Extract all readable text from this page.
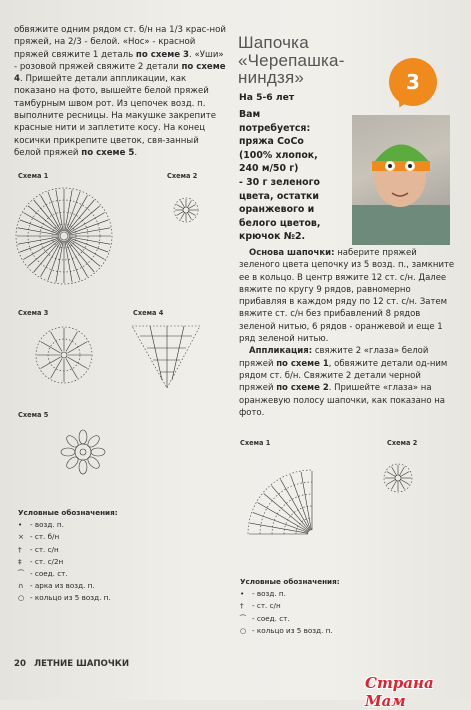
обвяжите одним рядом ст. б/н на 1/3 крас-ной пряжей, на 2/3 - белой. «Нос» - красной пряжей свяжите 1 деталь по схеме 3. «Уши» - розовой пряжей свяжите 2 детали по схеме 4. Пришейте детали аппликации, как показано на фото, вышейте белой пряжей тамбурным швом рот. Из цепочек возд. п. выполните ресницы. На макушке закрепите красные нити и заплетите косу. На конец косички прикрепите цветок, свя-занный белой пряжей по схеме 5.

Схема 1	Схема 2
Схема 3	Схема 4
Схема 5
Условные обозначения:
• - возд. п.
× - ст. б/н
† - ст. с/н
‡ - ст. с/2н
⁀ - соед. ст.
∩ - арка из возд. п.
○ - кольцо из 5 возд. п.
Шапочка
«Черепашка-
ниндзя»
На 5-6 лет
3
Вам
потребуется:
пряжа CoCo
(100% хлопок,
240 м/50 г)
- 30 г зеленого
цвета, остатки
оранжевого и
белого цветов,
крючок №2.

Основа шапочки: наберите пряжей зеленого цвета цепочку из 5 возд. п., замкните ее в кольцо. В центр вяжите 12 ст. с/н. Далее вяжите по кругу 9 рядов, равномерно прибавляя в каждом ряду по 12 ст. с/н. Затем вяжите ст. с/н без прибавлений 8 рядов зеленой нитью, 6 рядов - оранжевой и еще 1 ряд зеленой нитью.

Аппликация: свяжите 2 «глаза» белой пряжей по схеме 1, обвяжите детали од-ним рядом ст. б/н. Свяжите 2 детали черной пряжей по схеме 2. Пришейте «глаза» на оранжевую полосу шапочки, как показано на фото.

Схема 1	Схема 2
Условные обозначения:
• - возд. п.
† - ст. с/н
⁀ - соед. ст.
○ - кольцо из 5 возд. п.
20 ЛЕТНИЕ ШАПОЧКИ
Страна Мам
